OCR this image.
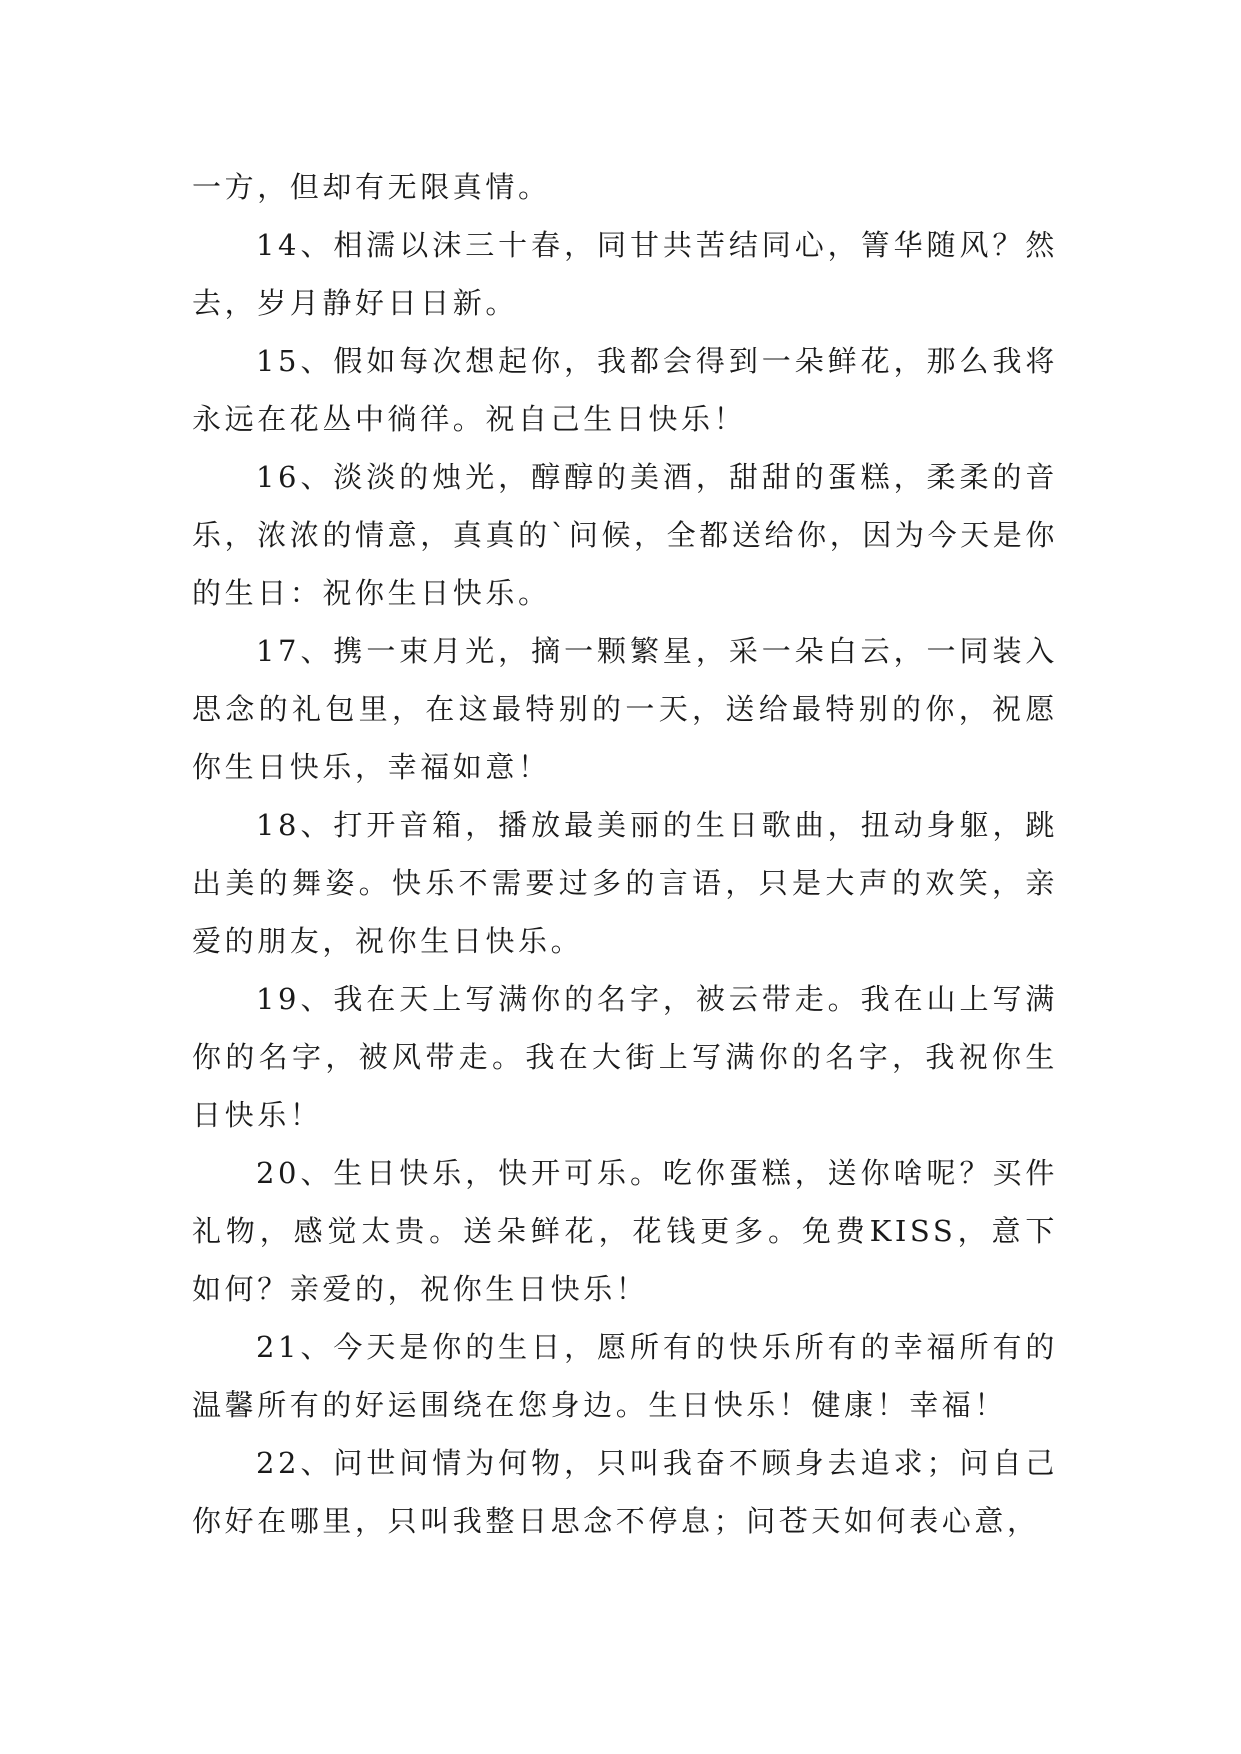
一方，但却有无限真情。

14、相濡以沫三十春，同甘共苦结同心，箐华随风？然去，岁月静好日日新。

15、假如每次想起你，我都会得到一朵鲜花，那么我将永远在花丛中徜徉。祝自己生日快乐！

16、淡淡的烛光，醇醇的美酒，甜甜的蛋糕，柔柔的音乐，浓浓的情意，真真的`问候，全都送给你，因为今天是你的生日：祝你生日快乐。

17、携一束月光，摘一颗繁星，采一朵白云，一同装入思念的礼包里，在这最特别的一天，送给最特别的你，祝愿你生日快乐，幸福如意！

18、打开音箱，播放最美丽的生日歌曲，扭动身躯，跳出美的舞姿。快乐不需要过多的言语，只是大声的欢笑，亲爱的朋友，祝你生日快乐。

19、我在天上写满你的名字，被云带走。我在山上写满你的名字，被风带走。我在大街上写满你的名字，我祝你生日快乐！

20、生日快乐，快开可乐。吃你蛋糕，送你啥呢？买件礼物，感觉太贵。送朵鲜花，花钱更多。免费KISS，意下如何？亲爱的，祝你生日快乐！

21、今天是你的生日，愿所有的快乐所有的幸福所有的温馨所有的好运围绕在您身边。生日快乐！健康！幸福！

22、问世间情为何物，只叫我奋不顾身去追求；问自己你好在哪里，只叫我整日思念不停息；问苍天如何表心意，
